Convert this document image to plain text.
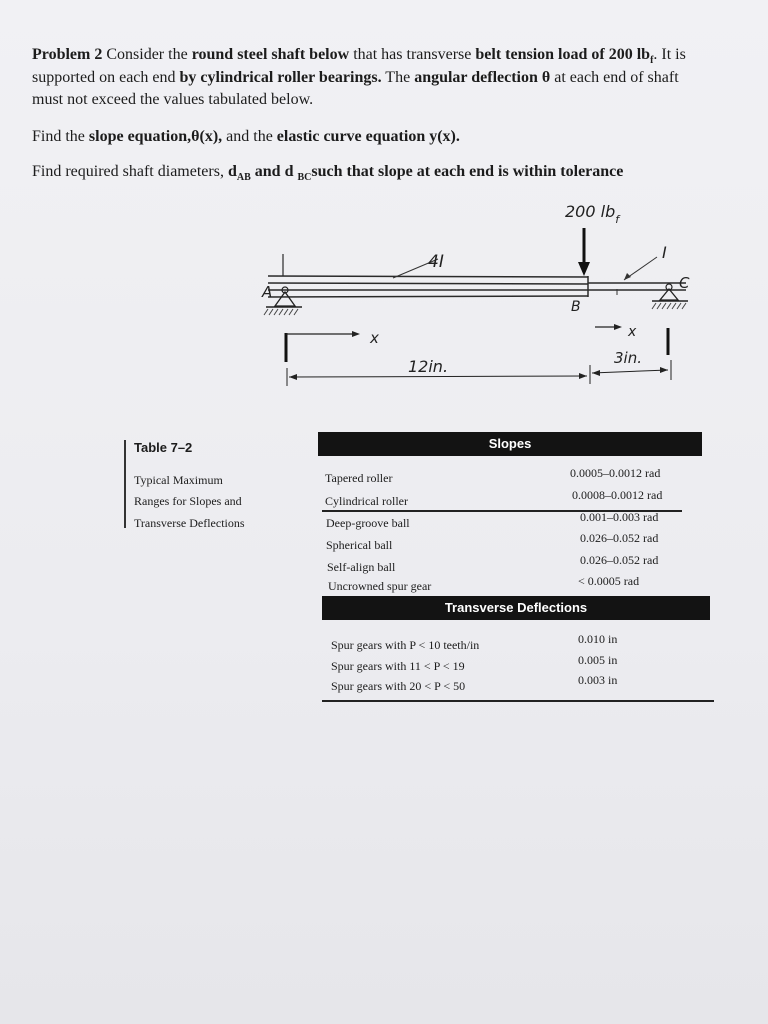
Problem 2 Consider the round steel shaft below that has transverse belt tension load of 200 $lb_f$. It is
supported on each end by cylindrical roller bearings. The angular deflection θ at each end of shaft
must not exceed the values tabulated below.
Find the slope equation,θ(x), and the elastic curve equation y(x).
Find required shaft diameters, $d_{AB}$ and d $_{BC}$such that slope at each end is within tolerance
4I	I
A
B
C
x	x
12in.	3in.
200 $lb_f$
Table 7–2
Typical Maximum
Ranges for Slopes and
Transverse Deflections
Slopes
Tapered roller	0.0005–0.0012 rad
Cylindrical roller	0.0008–0.0012 rad
Deep-groove ball	0.001–0.003 rad
Spherical ball	0.026–0.052 rad
Self-align ball	0.026–0.052 rad
Uncrowned spur gear	< 0.0005 rad
Transverse Deflections
Spur gears with P < 10 teeth/in	0.010 in
Spur gears with 11 < P < 19	0.005 in
Spur gears with 20 < P < 50	0.003 in
